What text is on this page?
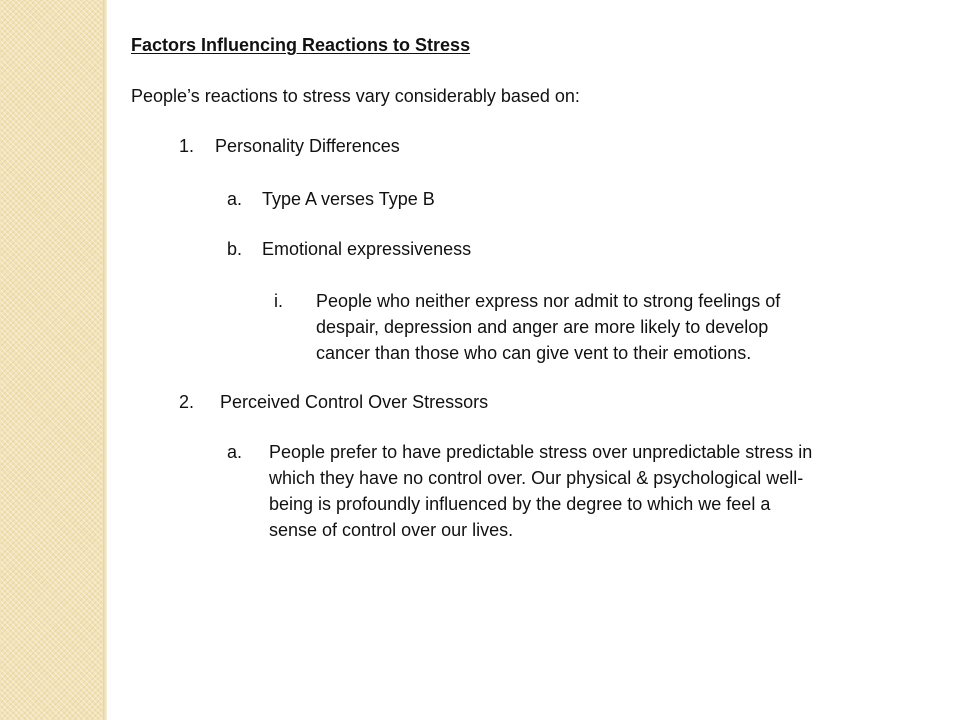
Factors Influencing Reactions to Stress
People’s reactions to stress vary considerably based on:
1. Personality Differences
a. Type A verses Type B
b. Emotional expressiveness
i. People who neither express nor admit to strong feelings of
despair, depression and anger are more likely to develop
cancer than those who can give vent to their emotions.
2. Perceived Control Over Stressors
a. People prefer to have predictable stress over unpredictable stress in
which they have no control over. Our physical & psychological well-
being is profoundly influenced by the degree to which we feel a
sense of control over our lives.
